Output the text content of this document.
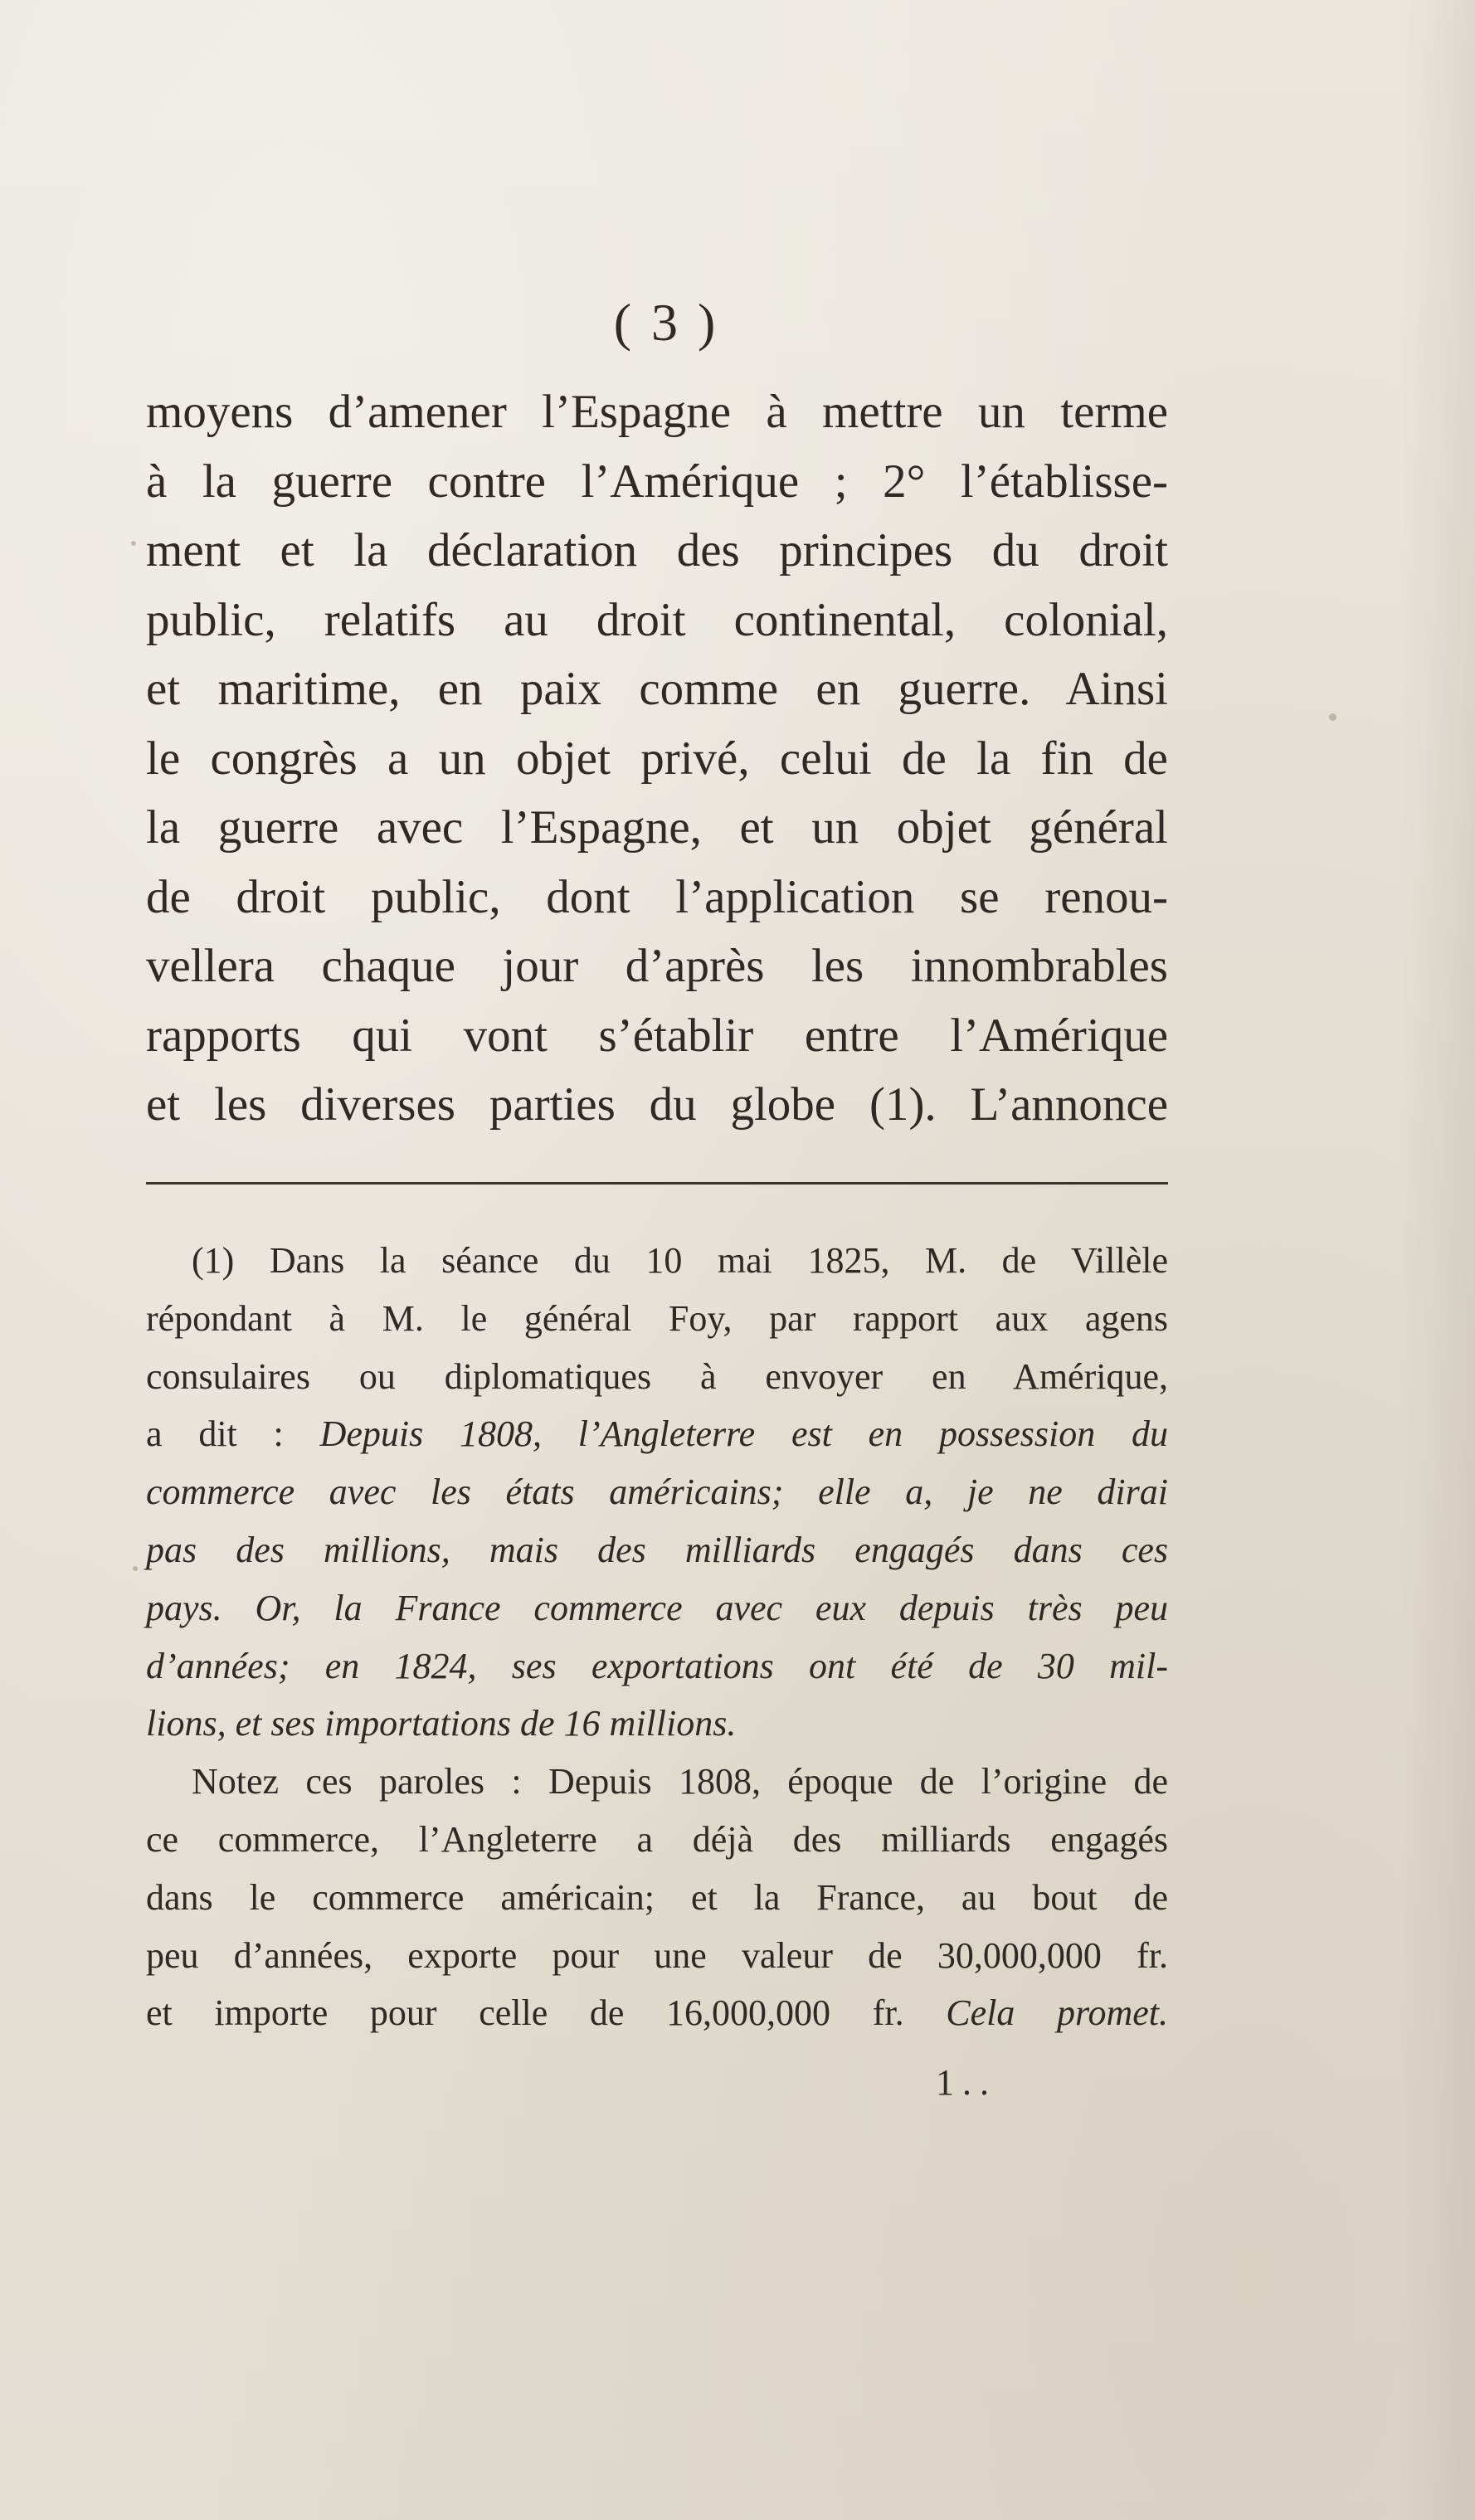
( 3 )
moyens d’amener l’Espagne à mettre un terme
à la guerre contre l’Amérique ; 2° l’établisse-
ment et la déclaration des principes du droit
public, relatifs au droit continental, colonial,
et maritime, en paix comme en guerre. Ainsi
le congrès a un objet privé, celui de la fin de
la guerre avec l’Espagne, et un objet général
de droit public, dont l’application se renou-
vellera chaque jour d’après les innombrables
rapports qui vont s’établir entre l’Amérique
et les diverses parties du globe (1). L’annonce
(1) Dans la séance du 10 mai 1825, M. de Villèle
répondant à M. le général Foy, par rapport aux agens
consulaires ou diplomatiques à envoyer en Amérique,
a dit : Depuis 1808, l’Angleterre est en possession du
commerce avec les états américains; elle a, je ne dirai
pas des millions, mais des milliards engagés dans ces
pays. Or, la France commerce avec eux depuis très peu
d’années; en 1824, ses exportations ont été de 30 mil-
lions, et ses importations de 16 millions.
Notez ces paroles : Depuis 1808, époque de l’origine de
ce commerce, l’Angleterre a déjà des milliards engagés
dans le commerce américain; et la France, au bout de
peu d’années, exporte pour une valeur de 30,000,000 fr.
et importe pour celle de 16,000,000 fr. Cela promet.
1..
